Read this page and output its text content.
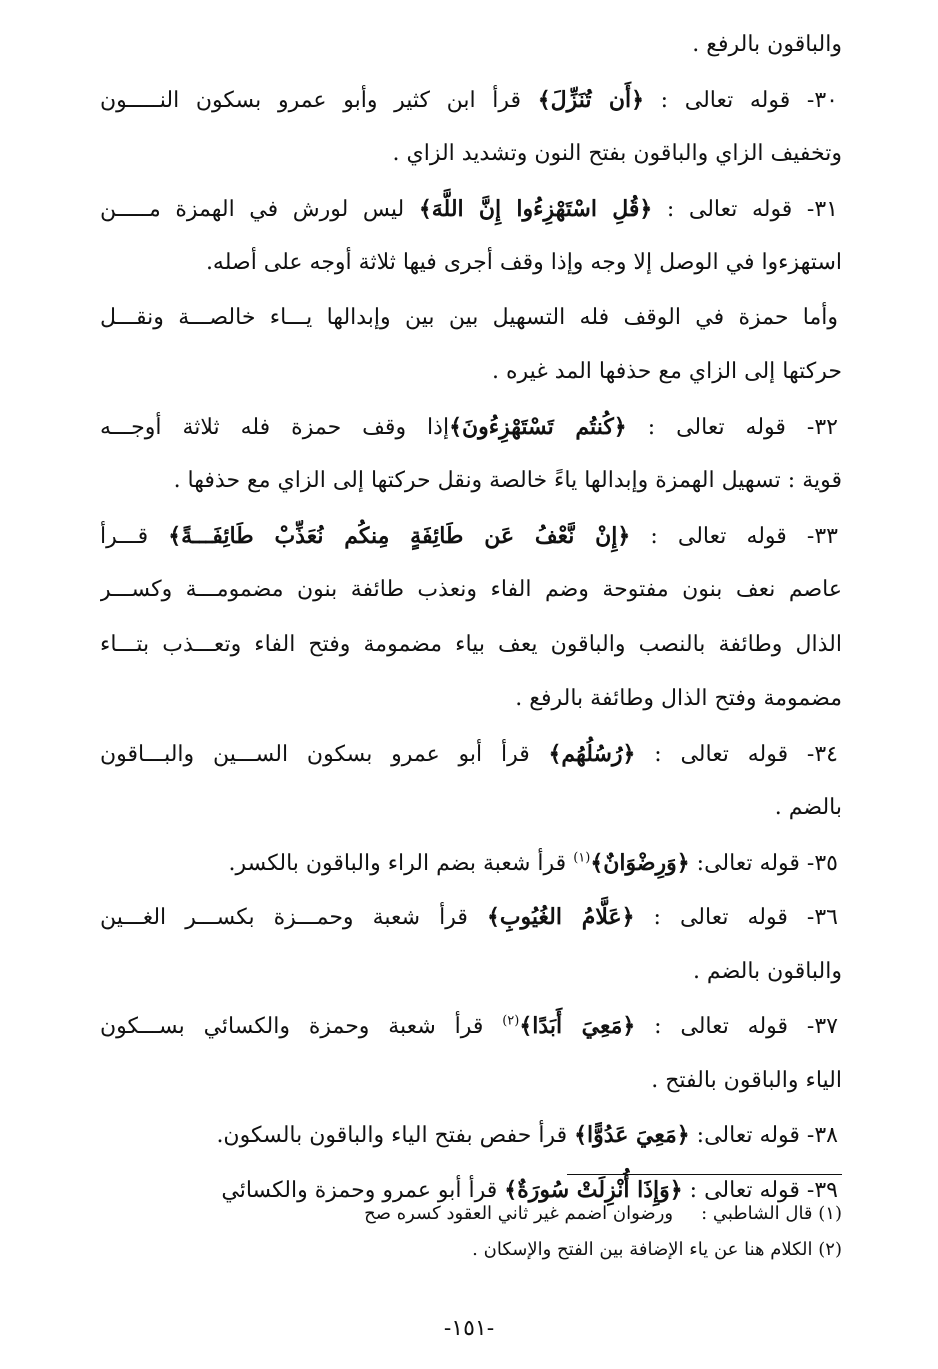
والباقون بالرفع .
٣٠- قوله تعالى : ﴿أَن تُنَزِّلَ﴾ قرأ ابن كثير وأبو عمرو بسكون النـــــون
وتخفيف الزاي والباقون بفتح النون وتشديد الزاي .
٣١- قوله تعالى : ﴿قُلِ اسْتَهْزِءُوا إِنَّ اللَّهَ﴾ ليس لورش في الهمزة مـــــن
استهزءوا في الوصل إلا وجه وإذا وقف أجرى فيها ثلاثة أوجه على أصله.
وأما حمزة في الوقف فله التسهيل بين بين وإبدالها يـــاء خالصـــة ونقـــل
حركتها إلى الزاي مع حذفها المد غيره .
٣٢- قوله تعالى : ﴿كُنتُم تَسْتَهْزِءُونَ﴾إذا وقف حمزة فله ثلاثة أوجـــه
قوية : تسهيل الهمزة وإبدالها ياءً خالصة ونقل حركتها إلى الزاي مع حذفها .
٣٣- قوله تعالى : ﴿إِنْ نَّعْفُ عَن طَائِفَةٍ مِنكُم نُعَذِّبْ طَائِفَـــةً﴾ قـــرأ
عاصم نعف بنون مفتوحة وضم الفاء ونعذب طائفة بنون مضمومـــة وكســـر
الذال وطائفة بالنصب والباقون يعف بياء مضمومة وفتح الفاء وتعـــذب بتـــاء
مضمومة وفتح الذال وطائفة بالرفع .
٣٤- قوله تعالى : ﴿رُسُلُهُم﴾ قرأ أبو عمرو بسكون الســـين والبـــاقون
بالضم .
٣٥- قوله تعالى: ﴿وَرِضْوَانٌ﴾$^{(١)}$ قرأ شعبة بضم الراء والباقون بالكسر.
٣٦- قوله تعالى : ﴿عَلَّامُ الغُيُوبِ﴾ قرأ شعبة وحمـــزة بكســـر الغـــين
والباقون بالضم .
٣٧- قوله تعالى : ﴿مَعِيَ أَبَدًا﴾$^{(٢)}$ قرأ شعبة وحمزة والكسائي بســـكون
الياء والباقون بالفتح .
٣٨- قوله تعالى: ﴿مَعِيَ عَدُوًّا﴾ قرأ حفص بفتح الياء والباقون بالسكون.
٣٩- قوله تعالى : ﴿وَإِذَا أُنْزِلَتْ سُورَةٌ﴾ قرأ أبو عمرو وحمزة والكسائي
(١) قال الشاطبي :ورضوان اضمم غير ثاني العقود كسره صح
(٢) الكلام هنا عن ياء الإضافة بين الفتح والإسكان .
-١٥١-
